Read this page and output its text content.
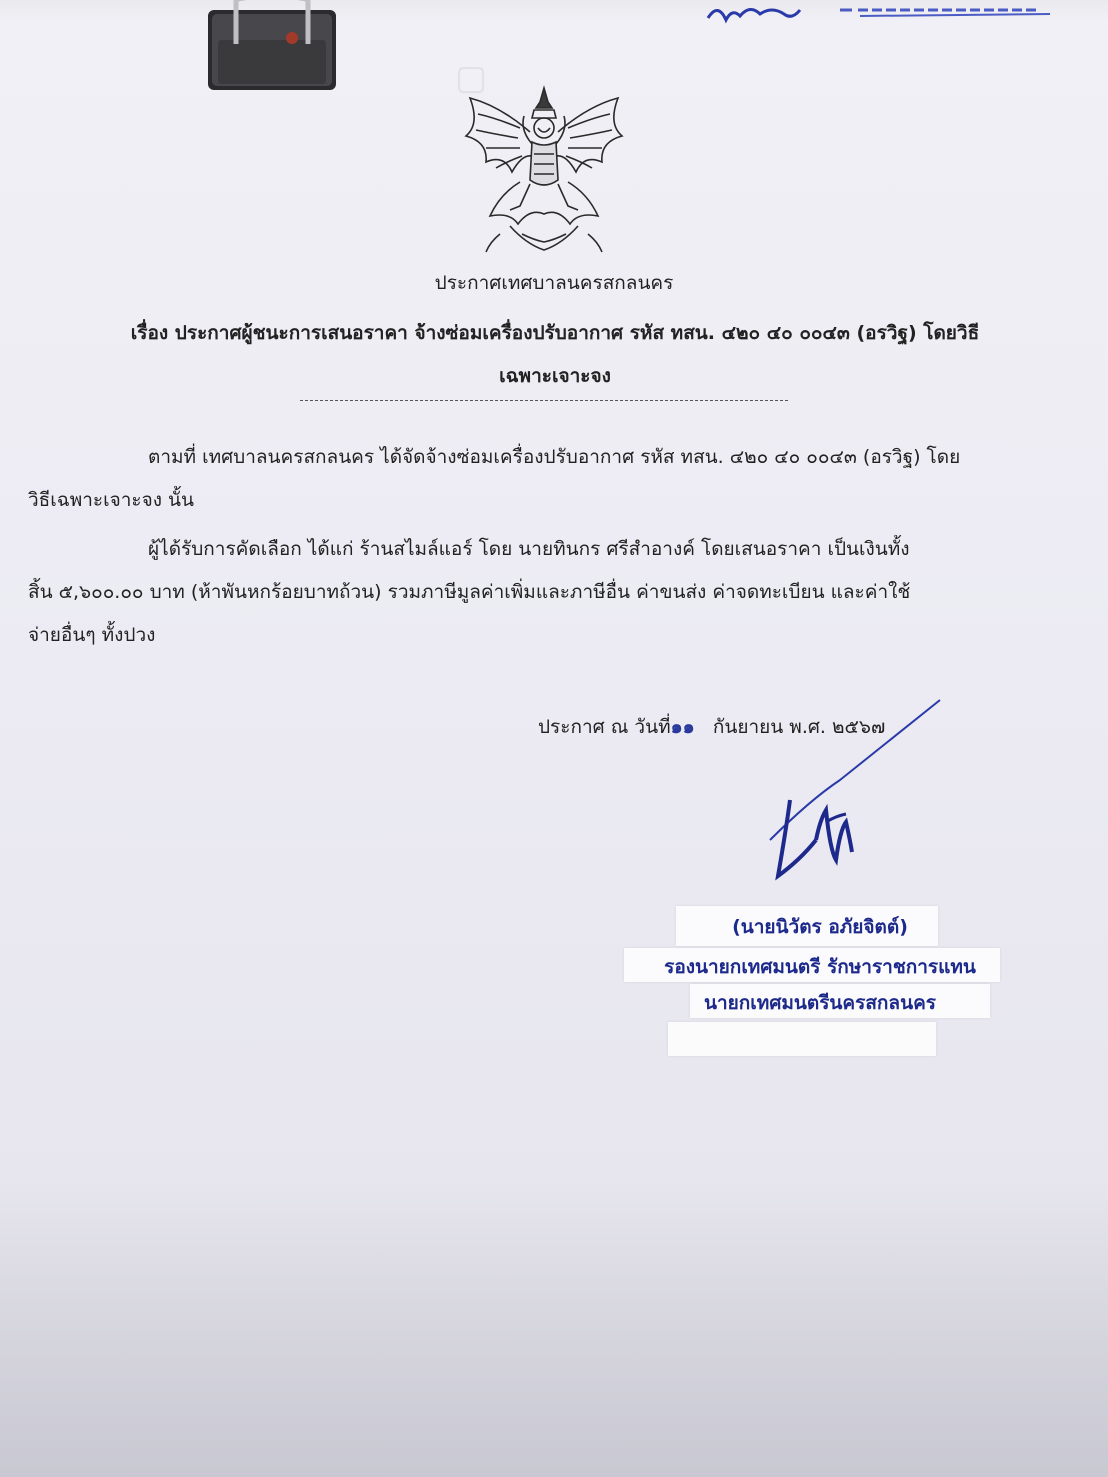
▢
ประกาศเทศบาลนครสกลนคร
เรื่อง ประกาศผู้ชนะการเสนอราคา จ้างซ่อมเครื่องปรับอากาศ รหัส ทสน. ๔๒๐ ๔๐ ๐๐๔๓ (อรวิฐ) โดยวิธี
เฉพาะเจาะจง
ตามที่ เทศบาลนครสกลนคร ได้จัดจ้างซ่อมเครื่องปรับอากาศ รหัส ทสน. ๔๒๐ ๔๐ ๐๐๔๓ (อรวิฐ) โดย
วิธีเฉพาะเจาะจง นั้น
ผู้ได้รับการคัดเลือก ได้แก่ ร้านสไมล์แอร์ โดย นายทินกร ศรีสำอางค์ โดยเสนอราคา เป็นเงินทั้ง
สิ้น ๕,๖๐๐.๐๐ บาท (ห้าพันหกร้อยบาทถ้วน) รวมภาษีมูลค่าเพิ่มและภาษีอื่น ค่าขนส่ง ค่าจดทะเบียน และค่าใช้
จ่ายอื่นๆ ทั้งปวง
ประกาศ ณ วันที่๑๑ กันยายน พ.ศ. ๒๕๖๗
(นายนิวัตร อภัยจิตต์)
รองนายกเทศมนตรี รักษาราชการแทน
นายกเทศมนตรีนครสกลนคร
